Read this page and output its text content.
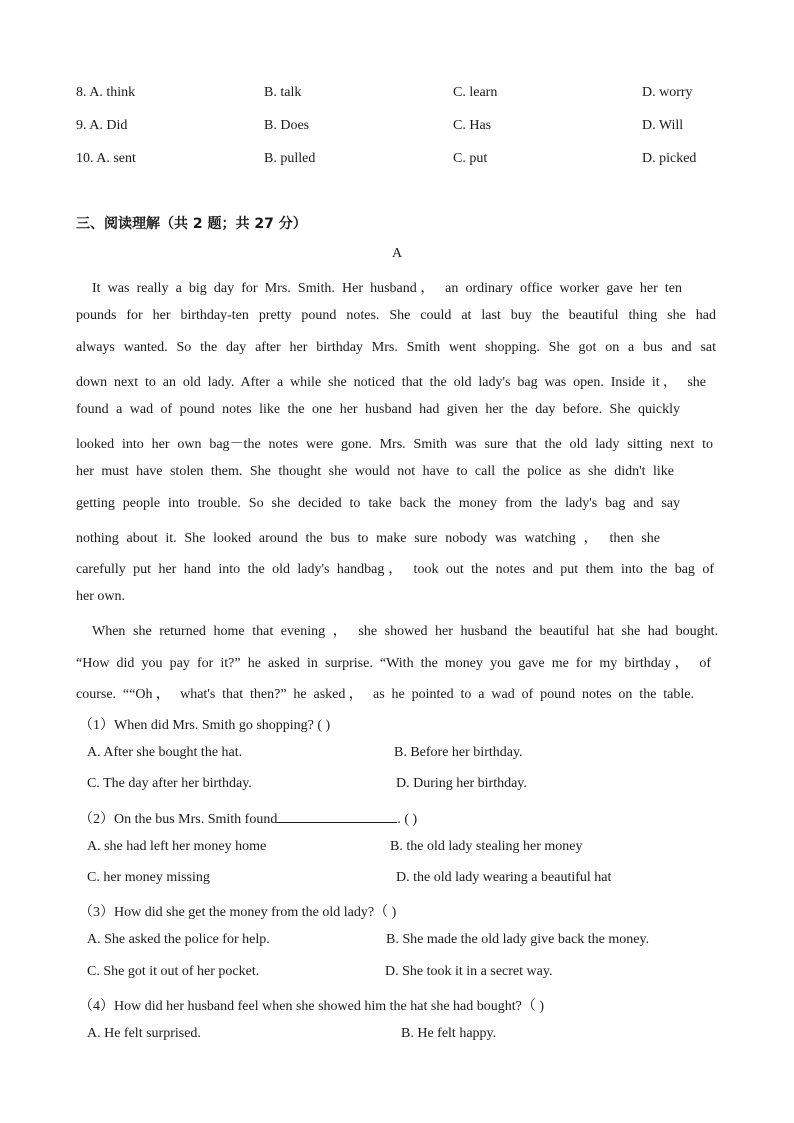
8. A. think	B. talk	C. learn	D. worry
9. A. Did	B. Does	C. Has	D. Will
10. A. sent	B. pulled	C. put	D. picked
三、阅读理解（共 2 题；共 27 分）
A
It was really a big day for Mrs. Smith. Her husband， an ordinary office worker gave her ten
pounds for her birthday-ten pretty pound notes. She could at last buy the beautiful thing she had
always wanted. So the day after her birthday Mrs. Smith went shopping. She got on a bus and sat
down next to an old lady. After a while she noticed that the old lady's bag was open. Inside it， she
found a wad of pound notes like the one her husband had given her the day before. She quickly
looked into her own bag－the notes were gone. Mrs. Smith was sure that the old lady sitting next to
her must have stolen them. She thought she would not have to call the police as she didn't like
getting people into trouble. So she decided to take back the money from the lady's bag and say
nothing about it. She looked around the bus to make sure nobody was watching ， then she
carefully put her hand into the old lady's handbag， took out the notes and put them into the bag of
her own.
When she returned home that evening ， she showed her husband the beautiful hat she had bought.
“How did you pay for it?” he asked in surprise. “With the money you gave me for my birthday， of
course. ““Oh， what's that then?” he asked， as he pointed to a wad of pound notes on the table.
（1）When did Mrs. Smith go shopping? ( )
A. After she bought the hat.	B. Before her birthday.
C. The day after her birthday.	D. During her birthday.
（2）On the bus Mrs. Smith found	. ( )
A. she had left her money home	B. the old lady stealing her money
C. her money missing	D. the old lady wearing a beautiful hat
（3）How did she get the money from the old lady?（ )
A. She asked the police for help.	B. She made the old lady give back the money.
C. She got it out of her pocket.	D. She took it in a secret way.
（4）How did her husband feel when she showed him the hat she had bought?（ )
A. He felt surprised.	B. He felt happy.
